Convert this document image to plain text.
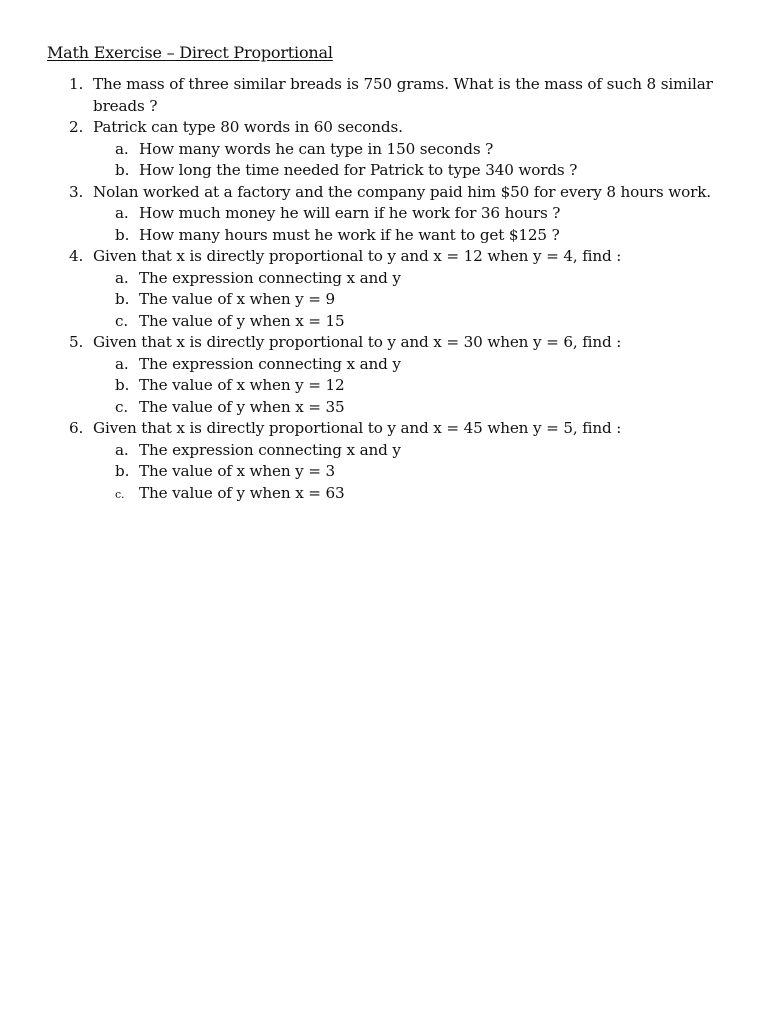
Math Exercise – Direct Proportional
1. The mass of three similar breads is 750 grams. What is the mass of such 8 similar breads ?
2. Patrick can type 80 words in 60 seconds.
a. How many words he can type in 150 seconds ?
b. How long the time needed for Patrick to type 340 words ?
3. Nolan worked at a factory and the company paid him $50 for every 8 hours work.
a. How much money he will earn if he work for 36 hours ?
b. How many hours must he work if he want to get $125 ?
4. Given that x is directly proportional to y and x = 12 when y = 4, find :
a. The expression connecting x and y
b. The value of x when y = 9
c. The value of y when x = 15
5. Given that x is directly proportional to y and x = 30 when y = 6, find :
a. The expression connecting x and y
b. The value of x when y = 12
c. The value of y when x = 35
6. Given that x is directly proportional to y and x = 45 when y = 5, find :
a. The expression connecting x and y
b. The value of x when y = 3
c. The value of y when x = 63
